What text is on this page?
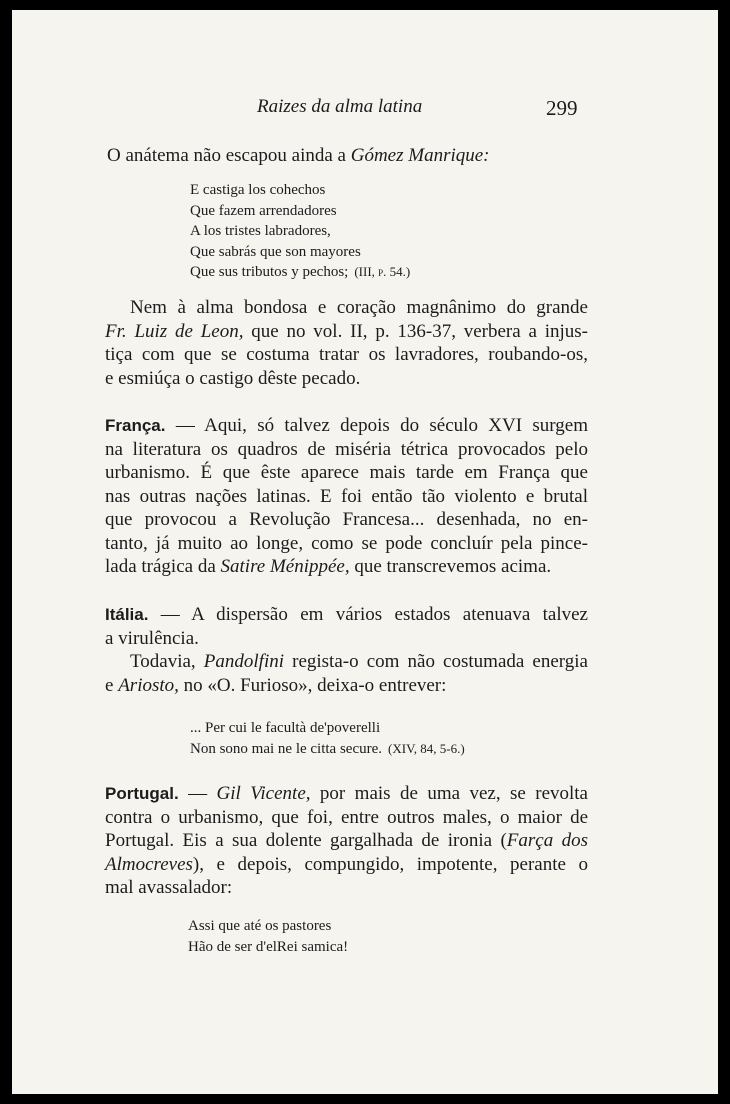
Raizes da alma latina	299

O anátema não escapou ainda a Gómez Manrique:

E castiga los cohechos
Que fazem arrendadores
A los tristes labradores,
Que sabrás que son mayores
Que sus tributos y pechos; (III, p. 54.)
Nem à alma bondosa e coração magnânimo do grande
Fr. Luiz de Leon, que no vol. II, p. 136-37, verbera a injus-
tiça com que se costuma tratar os lavradores, roubando-os,
e esmiúça o castigo dêste pecado.
França. — Aqui, só talvez depois do século XVI surgem
na literatura os quadros de miséria tétrica provocados pelo
urbanismo. É que êste aparece mais tarde em França que
nas outras nações latinas. E foi então tão violento e brutal
que provocou a Revolução Francesa... desenhada, no en-
tanto, já muito ao longe, como se pode concluír pela pince-
lada trágica da Satire Ménippée, que transcrevemos acima.
Itália. — A dispersão em vários estados atenuava talvez
a virulência.
Todavia, Pandolfini regista-o com não costumada energia
e Ariosto, no «O. Furioso», deixa-o entrever:
... Per cui le facultà de'poverelli
Non sono mai ne le citta secure. (XIV, 84, 5-6.)
Portugal. — Gil Vicente, por mais de uma vez, se revolta
contra o urbanismo, que foi, entre outros males, o maior de
Portugal. Eis a sua dolente gargalhada de ironia (Farça dos
Almocreves), e depois, compungido, impotente, perante o
mal avassalador:
Assi que até os pastores
Hão de ser d'elRei samica!
